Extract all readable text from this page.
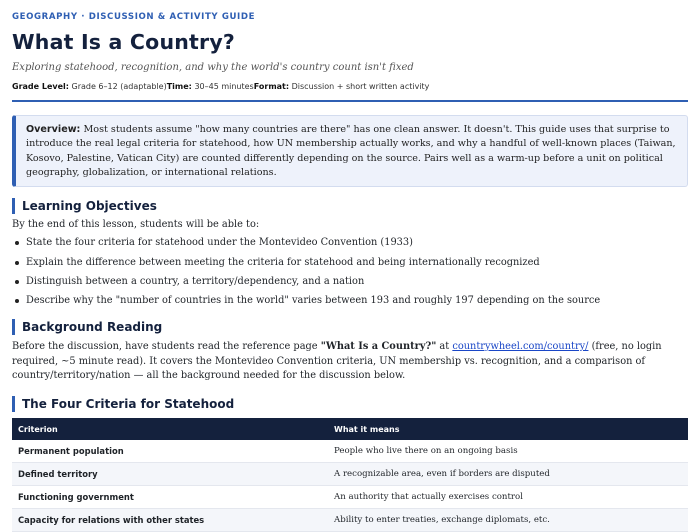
GEOGRAPHY · DISCUSSION & ACTIVITY GUIDE
What Is a Country?
Exploring statehood, recognition, and why the world's country count isn't fixed
Grade Level: Grade 6–12 (adaptable)Time: 30–45 minutesFormat: Discussion + short written activity
Overview: Most students assume "how many countries are there" has one clean answer. It doesn't. This guide uses that surprise to introduce the real legal criteria for statehood, how UN membership actually works, and why a handful of well-known places (Taiwan, Kosovo, Palestine, Vatican City) are counted differently depending on the source. Pairs well as a warm-up before a unit on political geography, globalization, or international relations.
Learning Objectives
By the end of this lesson, students will be able to:
State the four criteria for statehood under the Montevideo Convention (1933)
Explain the difference between meeting the criteria for statehood and being internationally recognized
Distinguish between a country, a territory/dependency, and a nation
Describe why the "number of countries in the world" varies between 193 and roughly 197 depending on the source
Background Reading
Before the discussion, have students read the reference page "What Is a Country?" at countrywheel.com/country/ (free, no login required, ~5 minute read). It covers the Montevideo Convention criteria, UN membership vs. recognition, and a comparison of country/territory/nation — all the background needed for the discussion below.
The Four Criteria for Statehood
Criterion	What it means
Permanent population	People who live there on an ongoing basis
Defined territory	A recognizable area, even if borders are disputed
Functioning government	An authority that actually exercises control
Capacity for relations with other states	Ability to enter treaties, exchange diplomats, etc.
